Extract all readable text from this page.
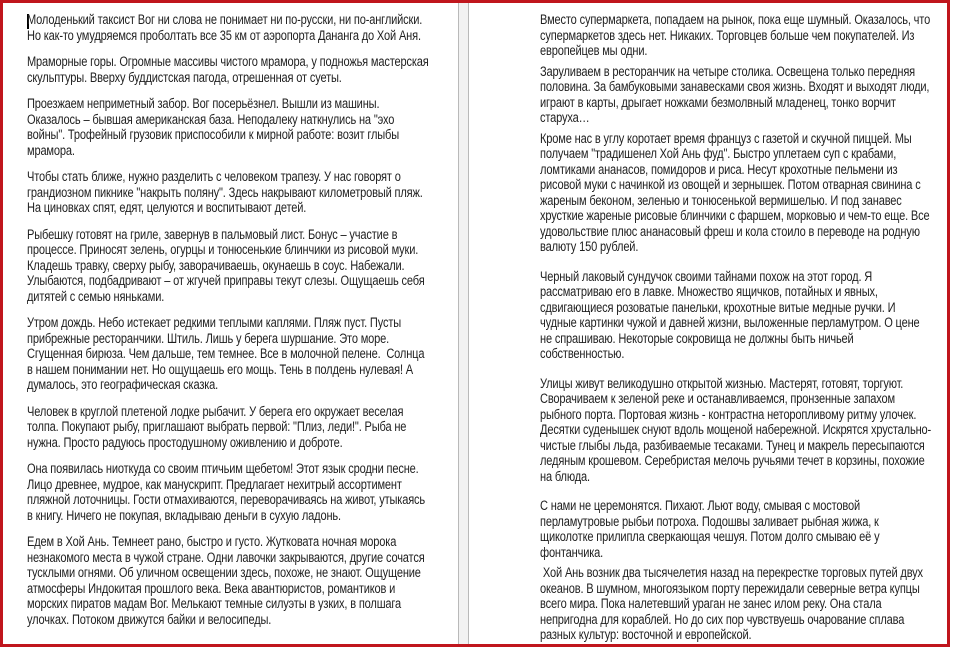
Молоденький таксист Вог ни слова не понимает ни по-русски, ни по-английски. Но как-то умудряемся проболтать все 35 км от аэропорта Дананга до Хой Аня.

Мраморные горы. Огромные массивы чистого мрамора, у подножья мастерская скульптуры. Вверху буддистская пагода, отрешенная от суеты.

Проезжаем неприметный забор. Вог посерьёзнел. Вышли из машины. Оказалось – бывшая американская база. Неподалеку наткнулись на "эхо войны". Трофейный грузовик приспособили к мирной работе: возит глыбы мрамора.

Чтобы стать ближе, нужно разделить с человеком трапезу. У нас говорят о грандиозном пикнике "накрыть поляну". Здесь накрывают километровый пляж. На циновках спят, едят, целуются и воспитывают детей.

Рыбешку готовят на гриле, завернув в пальмовый лист. Бонус – участие в процессе. Приносят зелень, огурцы и тонюсенькие блинчики из рисовой муки. Кладешь травку, сверху рыбу, заворачиваешь, окунаешь в соус. Набежали. Улыбаются, подбадривают – от жгучей приправы текут слезы. Ощущаешь себя дитятей с семью няньками.

Утром дождь. Небо истекает редкими теплыми каплями. Пляж пуст. Пусты прибрежные ресторанчики. Штиль. Лишь у берега шуршание. Это море. Сгущенная бирюза. Чем дальше, тем темнее. Все в молочной пелене.  Солнца в нашем понимании нет. Но ощущаешь его мощь. Тень в полдень нулевая! А думалось, это географическая сказка.

Человек в круглой плетеной лодке рыбачит. У берега его окружает веселая толпа. Покупают рыбу, приглашают выбрать первой: "Плиз, леди!". Рыба не нужна. Просто радуюсь простодушному оживлению и доброте.

Она появилась ниоткуда со своим птичьим щебетом! Этот язык сродни песне. Лицо древнее, мудрое, как манускрипт. Предлагает нехитрый ассортимент пляжной лоточницы. Гости отмахиваются, переворачиваясь на живот, утыкаясь в книгу. Ничего не покупая, вкладываю деньги в сухую ладонь.

Едем в Хой Ань. Темнеет рано, быстро и густо. Жутковата ночная морока незнакомого места в чужой стране. Одни лавочки закрываются, другие сочатся тусклыми огнями. Об уличном освещении здесь, похоже, не знают. Ощущение атмосферы Индокитая прошлого века. Века авантюристов, романтиков и морских пиратов мадам Вог. Мелькают темные силуэты в узких, в полшага улочках. Потоком движутся байки и велосипеды.

Вместо супермаркета, попадаем на рынок, пока еще шумный. Оказалось, что супермаркетов здесь нет. Никаких. Торговцев больше чем покупателей. Из европейцев мы одни.

Заруливаем в ресторанчик на четыре столика. Освещена только передняя половина. За бамбуковыми занавесками своя жизнь. Входят и выходят люди, играют в карты, дрыгает ножками безмолвный младенец, тонко ворчит старуха…

Кроме нас в углу коротает время француз с газетой и скучной пиццей. Мы получаем "традишенел Хой Ань фуд". Быстро уплетаем суп с крабами, ломтиками ананасов, помидоров и риса. Несут крохотные пельмени из рисовой муки с начинкой из овощей и зернышек. Потом отварная свинина с жареным беконом, зеленью и тонюсенькой вермишелью. И под занавес хрусткие жареные рисовые блинчики с фаршем, морковью и чем-то еще. Все удовольствие плюс ананасовый фреш и кола стоило в переводе на родную валюту 150 рублей.

Черный лаковый сундучок своими тайнами похож на этот город. Я рассматриваю его в лавке. Множество ящичков, потайных и явных, сдвигающиеся розоватые панельки, крохотные витые медные ручки. И чудные картинки чужой и давней жизни, выложенные перламутром. О цене не спрашиваю. Некоторые сокровища не должны быть ничьей собственностью.

Улицы живут великодушно открытой жизнью. Мастерят, готовят, торгуют. Сворачиваем к зеленой реке и останавливаемся, пронзенные запахом рыбного порта. Портовая жизнь - контрастна неторопливому ритму улочек. Десятки суденышек снуют вдоль мощеной набережной. Искрятся хрустально-чистые глыбы льда, разбиваемые тесаками. Тунец и макрель пересыпаются ледяным крошевом. Серебристая мелочь ручьями течет в корзины, похожие на блюда.

С нами не церемонятся. Пихают. Льют воду, смывая с мостовой перламутровые рыбьи потроха. Подошвы заливает рыбная жижа, к щиколотке прилипла сверкающая чешуя. Потом долго смываю её у фонтанчика.

Хой Ань возник два тысячелетия назад на перекрестке торговых путей двух океанов. В шумном, многоязыком порту пережидали северные ветра купцы всего мира. Пока налетевший ураган не занес илом реку. Она стала непригодна для кораблей. Но до сих пор чувствуешь очарование сплава разных культур: восточной и европейской.
